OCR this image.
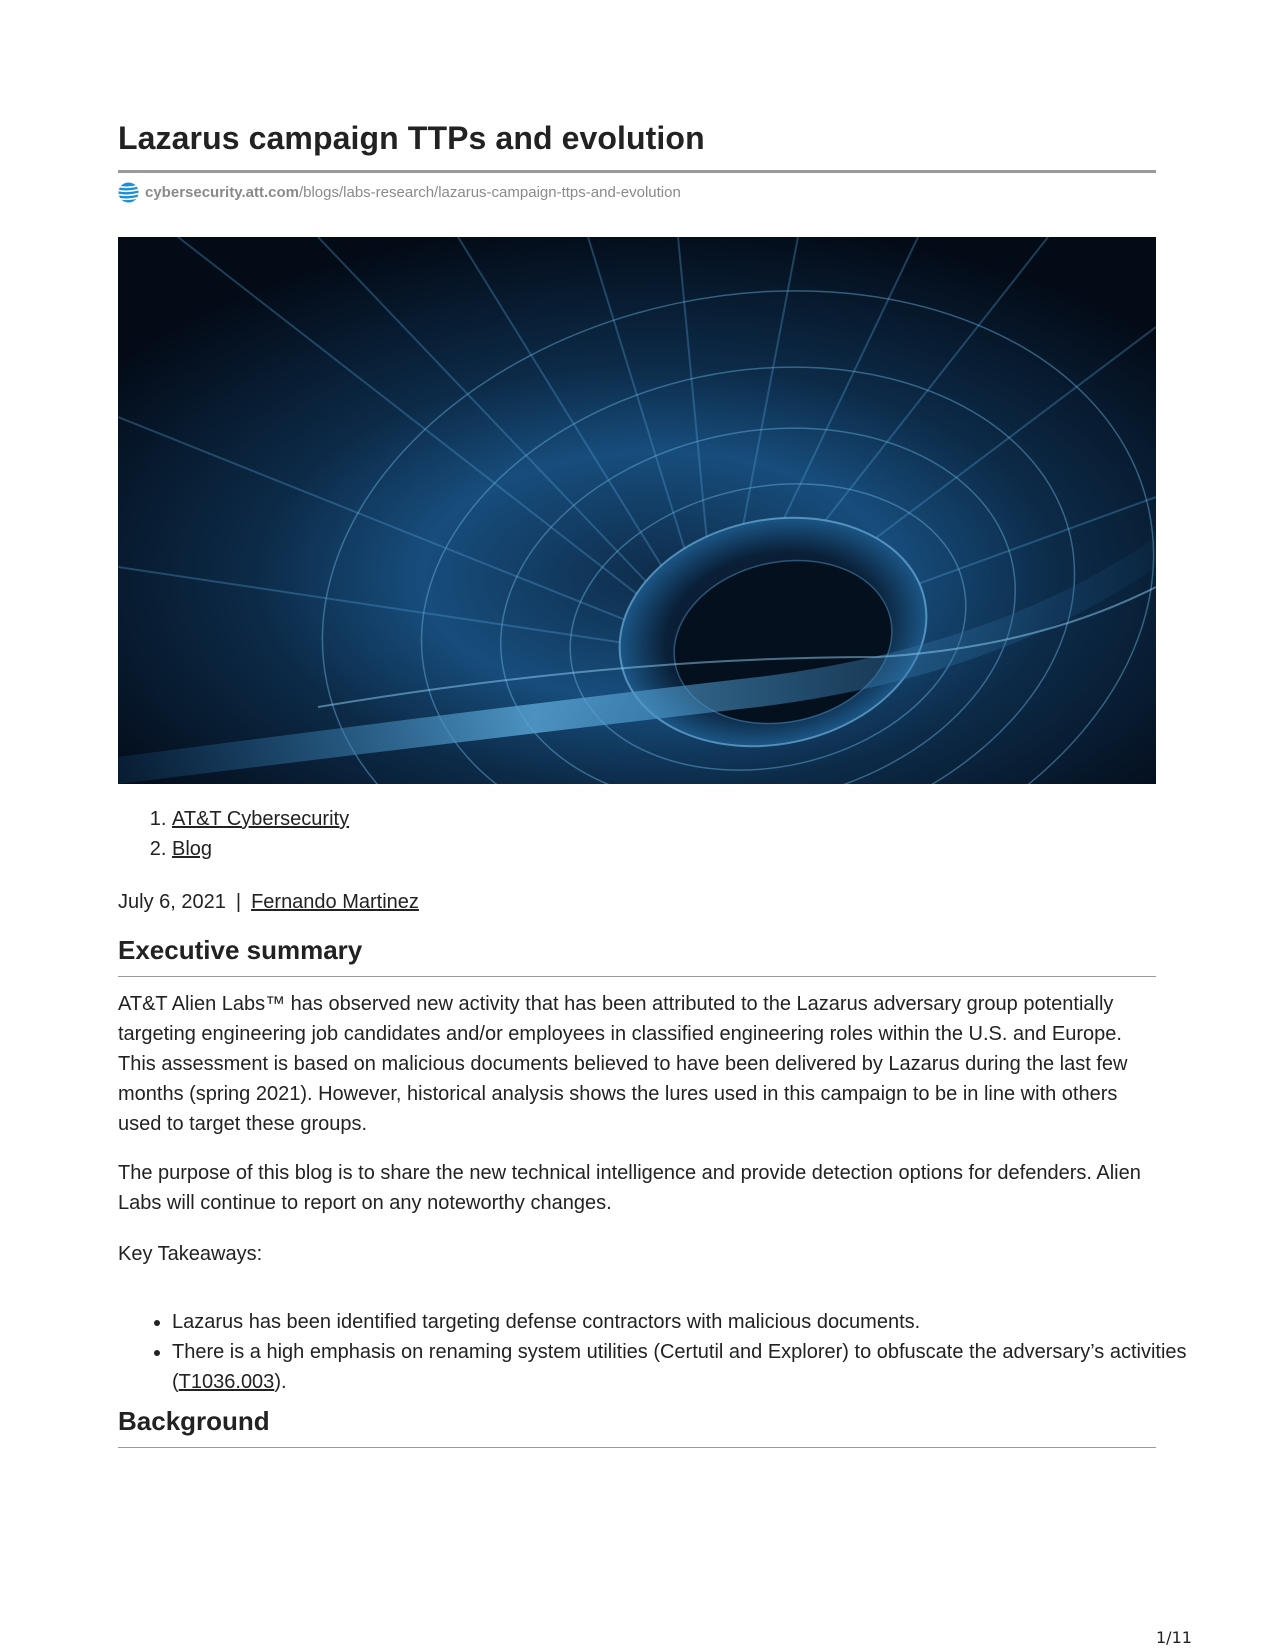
Lazarus campaign TTPs and evolution
cybersecurity.att.com /blogs/labs-research/lazarus-campaign-ttps-and-evolution
1. AT&T Cybersecurity
2. Blog
July 6, 2021 | Fernando Martinez
Executive summary

AT&T Alien Labs™ has observed new activity that has been attributed to the Lazarus adversary group potentially targeting engineering job candidates and/or employees in classified engineering roles within the U.S. and Europe. This assessment is based on malicious documents believed to have been delivered by Lazarus during the last few months (spring 2021). However, historical analysis shows the lures used in this campaign to be in line with others used to target these groups.

The purpose of this blog is to share the new technical intelligence and provide detection options for defenders. Alien Labs will continue to report on any noteworthy changes.

Key Takeaways:

• Lazarus has been identified targeting defense contractors with malicious documents.
• There is a high emphasis on renaming system utilities (Certutil and Explorer) to obfuscate the adversary’s activities (T1036.003).
Background
1/11
